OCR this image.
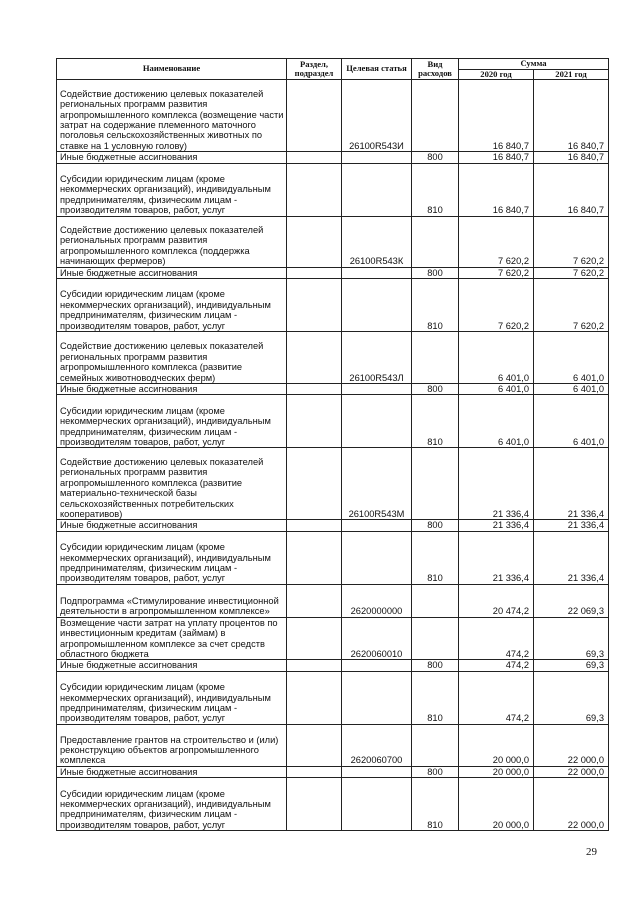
Наименование	Раздел, подраздел	Целевая статья	Вид расходов	Сумма	
				2020 год	2021 год
Содействие достижению целевых показателей региональных программ развития агропромышленного комплекса (возмещение части затрат на содержание племенного маточного поголовья сельскохозяйственных животных по ставке на 1 условную голову)		26100R543И		16 840,7	16 840,7
Иные бюджетные ассигнования			800	16 840,7	16 840,7
Субсидии юридическим лицам (кроме некоммерческих организаций), индивидуальным предпринимателям, физическим лицам - производителям товаров, работ, услуг			810	16 840,7	16 840,7
Содействие достижению целевых показателей региональных программ развития агропромышленного комплекса (поддержка начинающих фермеров)		26100R543К		7 620,2	7 620,2
Иные бюджетные ассигнования			800	7 620,2	7 620,2
Субсидии юридическим лицам (кроме некоммерческих организаций), индивидуальным предпринимателям, физическим лицам - производителям товаров, работ, услуг			810	7 620,2	7 620,2
Содействие достижению целевых показателей региональных программ развития агропромышленного комплекса (развитие семейных животноводческих ферм)		26100R543Л		6 401,0	6 401,0
Иные бюджетные ассигнования			800	6 401,0	6 401,0
Субсидии юридическим лицам (кроме некоммерческих организаций), индивидуальным предпринимателям, физическим лицам - производителям товаров, работ, услуг			810	6 401,0	6 401,0
Содействие достижению целевых показателей региональных программ развития агропромышленного комплекса (развитие материально-технической базы сельскохозяйственных потребительских кооперативов)		26100R543М		21 336,4	21 336,4
Иные бюджетные ассигнования			800	21 336,4	21 336,4
Субсидии юридическим лицам (кроме некоммерческих организаций), индивидуальным предпринимателям, физическим лицам - производителям товаров, работ, услуг			810	21 336,4	21 336,4
Подпрограмма «Стимулирование инвестиционной деятельности в агропромышленном комплексе»		2620000000		20 474,2	22 069,3
Возмещение части затрат на уплату процентов по инвестиционным кредитам (займам) в агропромышленном комплексе за счет средств областного бюджета		2620060010		474,2	69,3
Иные бюджетные ассигнования			800	474,2	69,3
Субсидии юридическим лицам (кроме некоммерческих организаций), индивидуальным предпринимателям, физическим лицам - производителям товаров, работ, услуг			810	474,2	69,3
Предоставление грантов на строительство и (или) реконструкцию объектов агропромышленного комплекса		2620060700		20 000,0	22 000,0
Иные бюджетные ассигнования			800	20 000,0	22 000,0
Субсидии юридическим лицам (кроме некоммерческих организаций), индивидуальным предпринимателям, физическим лицам - производителям товаров, работ, услуг			810	20 000,0	22 000,0
29
